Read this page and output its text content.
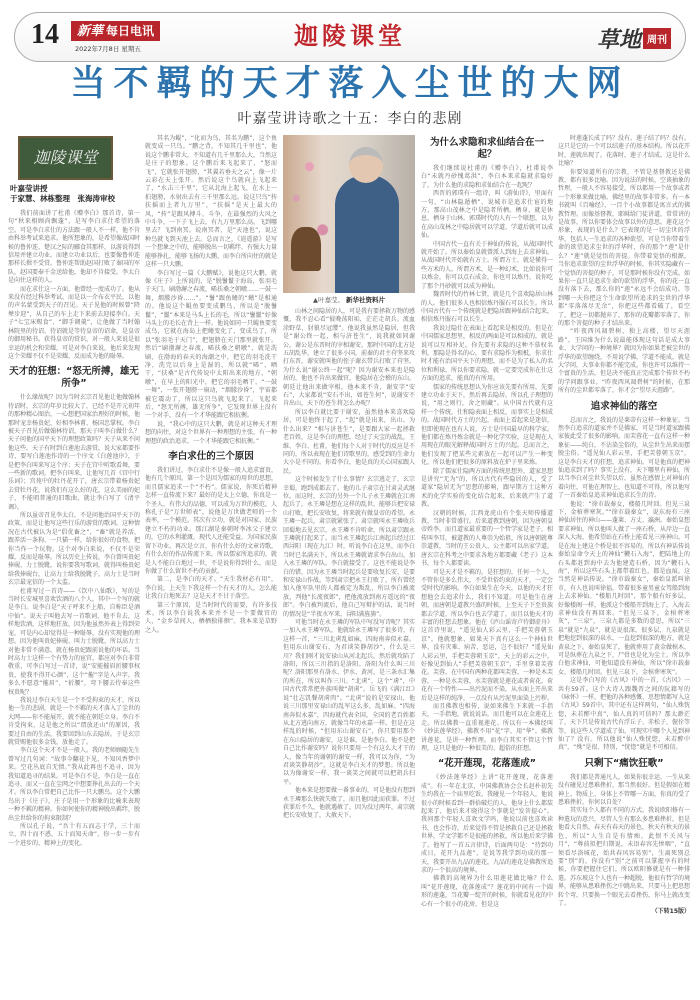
14	新華 每日电讯
2022年7月8日 星期五	迦陵课堂	草地 周刊
当不羁的天才落入尘世的大网
叶嘉莹讲诗歌之十五：李白的悲剧
迦陵课堂
叶嘉莹讲授
于家慧、林栋整理　张海涛审校
▲叶嘉莹。 新华社资料片

我们前面讲了杜甫《赠李白》那首诗，第一句“秋来相顾尚飘蓬”，是写李白求仕希望的落空。可是李白求仕的方法跟一般人不一样，他不肯由科举考试来追求。他所想象的，是希望像战国时候的鲁仲连、楚汉之际的郦食其那样，以游说得到信用并建立功业。而建立功业以后，也要像鲁仲连那样长揖不受赏。鲁仲连帮助赵国打败了秦国的军队，赵国要奉千金送给他，他却不肯接受。李太白是向往这样的人。

而在求仕这一方面，他曾经一度成功了。他从来没有经过科举考试，而是以一介布衣平民，以他的声名蒙受到天子的召见。天子见他的时候曾“降辇步迎”，从自己的车上走下来前去迎接李白。天子“七宝床赐食”、“御手调羹”，让他做了当时翰林院里的待诏。待诏就是等待皇帝的诏命，是皇帝的御用秘书。获得皇帝的赏识，对一般人来说是很幸运的机会和荣耀，可是对李白来说，他后来发现这个荣耀不仅不是荣耀，反而成为他的耻辱。

天才的狂想：“怒无所搏，雄无所争”

什么缘故呢？因为当时玄宗召见他让他做翰林待诏时，玄宗的年岁比较大了，已经不是开元初年的那种精心图治，一心想把国家治理好的时候，他那时宠幸杨贵妃，好相李林甫、杨国忠掌权。李白被天子召见后做翰林待诏，那天子叫李白做什么？天子问他的国平天下的理想政策吗？天子从来不问他这些。天子有时到白莲池去游赏，说大家都要作诗，要写白莲池作诗的一个序文《白莲池序》，于是把李白叫来写这个序；天子在宫中听歌看舞，要一些新的歌词，把李白叫来，让他写几首《宫中行乐词》；宫苑中的牡丹花开了，唐玄宗带着杨贵妃去赏牡丹花，说我们有这么好的花，这么美丽的妃子，不能唱普通的旧歌曲，就让李白写了《清平调》。

所以虽帝召见李太白，不是问他治国平天下的政策，而是让他写这些行乐的游赏的歌词。这种情况在古代被认为是“倡优畜之”，“畜”就是养活，跟养活一条狗、一只猫一样，给你很好的食物，把你当作一个玩物。这个对李白来说，不仅不是荣耀，反而是耻辱。所以历史上传说，李白曾叫贵妃捧砚、力士脱靴。说你要我写歌词，就得叫杨贵妃给我捧砚台，让高力士给我脱靴子。高力士是当时玄宗最宠信的一个太监。

杜甫写过一首诗——《饮中八仙歌》，写的是当时长安城里喜欢饮酒的八个人，其中一个写的就是李白。说李白是“天子呼来不上船，自称臣是酒中仙”。说天子叫他去写一首歌词，他不肯去，这样地饮酒，这样地狂放，因为他虽然外表上得到荣宠，可是内心却觉得是一种耻辱，没有实现他的理想。因为他叫贵妃捧砚、叫力士脱靴，所以高力士对他非常不满意，就在杨贵妃跟前说他的坏话。当时高力士这样一个有势力的宦官，都应对李白非常敬重，可李白写过一首诗，说“安能摧眉折腰事权贵，使我不得开心颜”，这个“摧”字是入声字。我多么不愿意“摧眉”、“折腰”，弯下腰去侍奉这些权贵呢？

我说过李白天生是一个不受拘束的天才，所以他一生的悲剧，就是一个不羁的天才落入了尘世的大网——你不能展开，就不能在朝廷立身。李白不肯受拘束，这是他之所以“谓放还山”的原因，我要过自由的生活，我要回到山东去隐居。于是玄宗就赏赐他很多金钱，放他走了。

李白这个天才不是一般人。我的老师顾随先生曾写过几句词：“故事今翻花下见，不知风香梦中来。空花丛底自无情。”我从此再也不追寻，因为我知道追寻的结果。可是李白不是，李白是一直在追寻，而又一直在尘网之中想要挣扎出去的一个天才。所以李白常把自己比作一只大鹏鸟。这个大鹏鸟出于《庄子》，庄子是用一个形象的比喻来表现一种不羁的精神。你如何使你的精神脱出羁绊，脱出尘世给你的拘束限制？

所以孔子说，“吾十有五而志于学，三十而立，四十而不惑，五十而知天命”，你一步一步有一个进步的、精神上的变化。

其名为鲲”，“化而为鸟，其名为鹏”，这个鱼就变成一只鸟。“鹏之背，不知其几千里也”，他说这个鹏非常大，不知道有几千里那么大，当然这是庄子的想象。这个鹏后来飞起来了，“怒而飞”，它就张开翅膀，“其翼若垂天之云”，像一片云彩在天上张开。然后说这个鸟就向上飞起来了，“水击三千里”，它从北海上起飞，在水上一拍翅膀，水射出去有三千里那么远。说这只鸟“抟扶摇而上者九万里”，“扶摇”是天上最大的风，“抟”是跟风搏斗，斗争，在最强烈的大风之中斗争，一下子飞上去，有九万里那么高。飞到哪里去？飞到南冥。说南冥者，是“天池也”，说这种鸟就飞到天池上去。总而言之，《逍遥游》是写一个想象之中的，能够脱出一切羁绊，有强大力量能够挣扎，能够飞扬的大鹏，而李白所向往的就是这样一只大鹏。

李白写过一篇《大鹏赋》，说他这只大鹏，就像《庄子》上所说的，是“脱鬐鬣于海岛，张羽毛于天门。刷渤澥之春流，晞扶桑之朝暾……一鼓一舞，烟朦沙昏……”。“鬐”跟鱼鳍的“鳍”是相通的。他说这个鲲鱼要变成鹏鸟，所以是“脱鬐鬣”，“鬣”本来是马头上长的毛，所以“鬐鬣”好像马头上的毛长在背上一样。他说如同一只鲲鱼要变成鸟，它就在海岛上把鳍变化了，变成鸟了，所以“张羽毛于天门”，把翅膀在天门那里就张开。然后“刷渤澥之春流，晞扶桑之朝暾”，就是洗刷，在渤海的春天的海潮之中，把它的羽毛洗干净，洗完以后身上是湿的，所以就“晞”，晒干，“扶桑”是古代传说中太阳出来的地方，“朝暾”，在早上的阳光中，把它的羽毛晒干。“一鼓一舞”，一张开翅膀一扇动，“烟朦沙昏”，宇宙都被它震动了，所以这只鸟就飞起来了。飞起来后，“怒无所搏，雄无所争”，它发现世界上没有一个对手，没有一个才华能跟它相抗衡。

说，“我心中的这只大鹏，就是对这种天才理想的向往，对这个世界有一种理想的主张，有一种理想的政治追求，一个才华能跟它相抗衡。”

李白求仕的三个原因

我们讲过，李白求仕不是像一般人追求富贵，他有几个原因。第一个是因为儒家的用世的思想，而且儒家追求一个“不朽”。儒家说，你死后精神怎样一直传流下来？最好的是太上立德，你真是一个圣人，有伟大的品德，可以成为万世的模范，人称孔子是“万世师表”，说他是万世做老师的一个表率，一个模范。其次有立功，就是对国家、民族建立不朽的功业。那江湖是秦朝时李冰父子建立的，它的水利灌溉，现代人还能受益，为国家民族留下功业。再次是立言，你有什么好的文章诗歌，有什么好的作品传流下来。所以儒家所追求的，就是人不能白白地过一世，不是说你得到什么，而是你做了什么留世不朽的贡献。

第二，是李白的天才。“天生我材必有用”，李白说，上天生下我这样一个有天才的人，怎么能让我白白地死去？这是天才不甘于落空。

第三个原因，是当时时代的需要，有许多技术。所以李白说我本来并不是一个要做官的人，“金乡草间人，栖栖独徘徊”。我本来是草野之人。

山林之间隐居的人，可是我有要拯救万物的感慨，我不忍心看“彼晚荡阳垢，茫茫走胡兵。流血涂野草，豺狼尽冠缨”。他说我虽然是隐居，但我是“谢公终一起，相与济苍生”，说我就如同谢公，谢公是东晋时的宰相谢安。那时中国的北方是五胡乱华，建立了很多小国，前秦的君主苻坚来攻打东晋，谢安就叫他的侄子谢玄带兵打败了苻坚。为什么说“谢公终一起”呢？因为谢安本来也是隐居的，他也不肯出来做官，他隐居在会稽的东山，朝廷让他出来做宰相，他本来不肯，谢安字“安石”，大家都说“安石不出，如苍生何”，说谢安不肯出山，天下的苍生将怎么办呢？

所以李白就比要于谢安，虽然他本来喜欢隐居，可是他终于起了，“起”就是出来，出山。为什么出来？“相与济苍生”，是要跟大家一起拯救老百姓，这是李白的理想。经过了天宝的战乱，王维、李白、杜甫，他们每个人对于时代的反应是不同的，所以表现在他们诗歌里的，感受到的生命力大小是不同的。你看李白，他是真的关心国家跟人民。

这个时候发生了什么事情？玄宗逃走了，玄宗幸蜀，跑到成都去了。他的儿子肃宗在甘肃灵武继位。而这时，玄宗的另外一个儿子永王璘就在江南起兵了，永王璘是想在这样的乱世，能够兵把安禄山打败，把长安收复，将来就有做皇帝的希望。永王璘一起兵，肃宗就紧张了。肃宗就叫永王璘收兵回蜀地去见玄宗，永王璘不肯听命，所以肃宗跟永王璘就打起来了。而当永王璘起兵江南起兵经过江西浔阳（现在九江）时，听说李白在这里，而李白当时已名满天下。所以永王璘就请求李白出山，加入永王璘的军队。李白就接受了。这也不能说是李白的错，因为永王璘当时起兵是要收复长安，是要和安禄山作战。等到肃宗把永王打败了，所有曾经加入他军队里的人都被定为叛乱，所以李白被流放，判他“长流夜郎”，把他流放到南方遥远的“夜郎”。李白被判流后，他自己写辩护的话，说当时的情况是“半夜水军来，浔阳满旌旃”。

可他当时在永王璘的军队中写没写诗呢？其实一加入永王璘军队，他就给永王璘写了很多诗，有这样一首，“三川北虏乱如麻，四海南奔似永嘉。但用东山谢安石，为君谈笑静胡沙”，什么是三川？我们刚才说安禄山从河北起兵，然后就攻陷了洛阳，所以三川指的是洛阳。洛阳为什么叫三川呢？洛阳那里有洛水、伊水、黄河，是三条水汇集的所在，所以叫作三川。“北虏”，这个“虏”，中国古代常常把外族叫做“胡虏”。岳飞的《满江红》说“壮志饥餐胡虏肉”。“北虏”说的是安禄山，他说三川那里安禄山的乱军这么多，乱如麻。“四海南奔似永嘉”，四海就代表全国，全国的老百姓都从北方逃向南方，就像当年的永嘉一样。但是在这样乱的时候，“但用东山谢安石”，你只要用那个在东山隐居的谢安，这是谁，是他李白。他不是把自己比作谢安吗？说你只要用一个有这么大才干的人，像当年的谢朝的谢安一样，我可以为你，“为君谈笑静胡沙”，这就是李白天才的梦想。所以他以为像谢安一样，我一谈笑之间就可以把胡兵扫平。

他本来是想要做一番事业的，可是他没有想到永王璘那么快就失败了，而且他因此而获罪。不过获罪后不久，他就遇赦了，因为没过两年，肃宗就把长安收复了，大赦天下。

为什么求隐和求仙结合在一起？

我们继续说杜甫的《赠李白》，杜甫说李白“未就丹砂愧葛洪”，李白本来求隐就求隐好了，为什么他的求隐和求仙结合在一起呢？

西晋的郭璞有一组诗，叫《游仙诗》，里面有一句，“山林隐遁栖”，说城市是追求仕宦的地方，那高山茂林之中是隐者所栖。栖身，就是休息，栖身于山林。郭璞时代的人有一个联想，以为在高山茂林之中隐居就可以学道，学道后就可以成仙。

中国古代一直有关于神仙的传说，从战国时代就开始了。所以秦始皇就曾派人到海上去求神仙。从战国时代开始就有方士。所谓方士，就是懂得一些方术的人。所谓方术，是一种幻术，比如说你可以炼金，你可以点石成金，你也可以炼丹，说你吃了那个丹砂就可以成为神仙。

魏晋时代的竹林七贤，就是几个喜欢隐居山林的人。他们很多人也相信炼丹服石可以长生。所以中国古代有一个传统就是把隐居跟神仙结合起来，相信炼丹服石可以长生。

我说过隐仕在表面上看起来是相反的，但是在中国儒家思想里，相反的两面是可以相成的，就是说可以互相补足。你先要有求隐的这种不慕权名利，那隐是得名的心，要有求隐作为根柢，你求仕时才能有治国平天下的理想，而不是为了私人的名位和利禄。所以你要求隐，就一定要完成你在仕这方面的追求，能真的有所用。

儒家的传统思想认为你应该先要有所用，先要建立功业于天下，然后再去隐居。所以孔子理想的说，“用之则行，舍之则藏”。从中国古代就有这样一个传统，仕和隐表面上相反，而事实上是相成的。战国时代方士的兴起，表面上看起来是迷信，但即使现在也有人说，方士是中国最早的科学家。他们都在炼丹炼金就是一种化学实验，这是现在人用现在的眼光解释战国时方士的兴起。总而言之，他们发现了把某些元素放在一起可以产生一种变化，所以他们把很多的原料放在炉子里来炼。

除了儒家仕隐两方面的传统思想外，道家思想是讲究“无为”的，所以古代有些隐居的人，受了道家“隐居无为”思想的影响，跟早期方士这种方术的化学实验的变化结合起来，后来就产生了道教。

汉朝的时候，江西龙虎山有个张天师传播道教，当时非常盛行。后来道教到唐朝，因为唐朝皇帝姓李，而且道家最重要的一个哲学家是老子，相传叫李耳，被道教的人尊崇为始祖，所以唐朝就尊崇道教，当时的王公贵人、公主都可以出家学道。唐玄宗在科考之中要求各地方都要藏《老子》这本书，每个人都要读。

可是天才是不羁的，是狂想的，任何一个人，不管你是多么伟大，不受世俗约束的天才，一定会受时代的影响。李白如果生在今天，以他的天才狂想他会去追求什么，我们不知道。可是他生在唐朝，而唐朝是道教兴盛的时候，上至天子下至贵族都去学道，所以李白也去学道了，而且以他天才的丰富的狂想去想象。他在《庐山谣寄卢侍御虚舟》这首诗里说，“遥见仙人彩云里，手把芙蓉朝玉京”，他就想象，如果天下真有这么一个神仙世界，没有灾难、病苦、恶运，岂不很好？“遥见仙人彩云里，手把芙蓉朝玉京”，天上的彩云之中，好像见到仙人“手把芙蓉朝玉京”，手里拿着芙蓉花。芙蓉，在中国有两种花都叫芙蓉，一种是木芙蓉，一种是水芙蓉，水芙蓉就是莲花或者荷花。荷花有一个特性——出污泥而不染，从水面上开出来后是这样的纯净，一点没有从污泥里面染上污秽。

而且佛教也相传，说如来佛生下来就一手指天，一手指地，就说说话，而且他可以在金莲花上走。所以佛教一直重视莲花。所以有一本佛经叫《妙法莲华经》，佛教不用“花”字，用“华”。佛教讲莲花，是讲一种哲理。而李白其实不管这个哲理，这只是他的一种很美的、超俗的狂想。

“花开莲现，花落莲成”

《妙法莲华经》上讲“花开莲现，花落莲成”。有一年在北京，中国佛教协会会长赵朴初先生约我在一个庙里吃饭。我碰见一个年轻人，他说很小的时候看到一群拾破烂的人，他身上什么都装起来了，他后来才晓得这个事就是“发菩提心”。我问那个年轻人喜欢文学吗，他说以前也喜欢读书，也会作诗，后来觉得不管是拯救自己还是拯救世界，学文学都不是很能的拯救，所以他后来学佛了。他写了一首五言律诗，后面两句是：“待到功成日，花开九品莲”，是说等我学到功成的那一天，我要开出九品的莲花，九品的莲花是佛教所追求的一个很高的境界。

佛教的高境界为什么用莲花做比喻？什么叫“花开莲现，花落莲成”？莲花的中间有一个圆形的莲蓬，当花瓣一绽开的时候，你就看见花的中心有一个很小的花房，但是这

时莲蓬长成了吗？没有。莲子结了吗？没有。这只是它的一个可以结莲子的基本结构。所以花开时，莲就出现了。花落时，莲子才结成。这是什么比喻？

你要知道所有的宗教，不管是基督教还是佛教，都有很多比喻。因为说法的时候，空谈抽象的哲理，一般人不容易接受，所以都用一个故事或者一个形象来做比喻。佛经里的故事非常多。有一本书就叫《百喻经》，一百个小故事都是寓言式的佛教哲理。而像基督教，耶稣给门徒讲道，常常讲的是故事，所以你要体会故事以外的意思。莲花这个形象，表现的是什么？它表现的是一切尘世的浮华，包括人一生追求的各种欲望。可是当你带着生命的欲望追求尘世的浮华时，你的那个“莲”是什么？“莲”就是觉悟的菩提。你带着觉悟的根源，当你追求欲望的尘世浮华的时候，你其实隐藏有一个觉悟的菩提的种子，可是那时候你没有完成。如果你一直只是追求生命的欲望的浮华，你的花一直没有落下去，那么你的“莲”永远不会结成功。等到哪一天你把这个生命欲望所追求的尘世的浮华都“零落落尽无余”，你把这些都看破了，看空了，把这一切都抛弃了，那你的花瓣都零落了，你的那个菩提的种子才结出来。

“昨夜西风凋碧树，独上高楼，望尽天涯路”，王国维为什么说最能体现这句话是成大事业、大学问的一种境界？就因为你如果老被尘世的浮华的欲望缠绕，不用说学佛，学道不能成，就是大学问，大事业你都不能完成。你也许可以维持一个富贵的生活，但是决不能真正完成那个传世不朽的学问跟事业。“昨夜西风凋碧树”的时候，在那所有的尘世都零落了，你才会“望尽天涯路”。

追求神仙的落空

总而言之，我说的是莱蒂有这样一种象征。当然李白追求的道家并不是佛家，可是当时道家跟佛家彼此受了很多的影响，而芙蓉花一直有这样一种象征——纯白，不沾染尘俗的，从尘世生出来而摆脱尘俗。“遥见仙人彩云里，手把芙蓉朝玉京”，这是李白天才的狂想，追求神仙。可是他真的把神仙追求到了吗？事实上没有，天下哪里有神仙，所以当李白对尘世失望以后，虽然在感情上对神仙有着向往，可他在理智上，也知道不可得，所以他写了一首秦始皇追求神仙追求长生的诗。

他说：“徐市载秦女，楼船几时回。但见三泉下，金棺葬寒灰。”“徐市载秦女”，说东海有三座神仙居住的神山——蓬莱、方丈、瀛洲。秦始皇想要求神仙，所以他叫人做了一座石桥，从岸边一直深入大海，他希望站在石桥上能看见三座神山。可是在海上建这个桥是很不容易的，所以有神话传说秦始皇命令天上的神仙“鞭石入海”，把陆地上的石头都赶到海中去为他建造石桥，因为“鞭石入海”，所以这些石头上都带着红色，都是血痕。这当然是神话传说。“徐市载秦女”，秦始皇派叫徐市，有人也说叫徐福，带着很多童男童女驾船到海上去求神仙。“楼船几时回”，那个船有好多层，好像楼阁一样，他派这个楼船开到海上了，入海去求神仙没有再回来。“但见三泉下，金棺葬寒灰”，“三泉”，三泉九都是多数的意思，所以“三泉”就是“九泉”，就是说很深，很多层，九泉就是把地挖到很深的泉水，一直挖到很深的地方，就是黄泉之下。秦始皇死了，他就葬用了黄金做棺木，可是纵葬在九泉之下，尸骨也是化为尘土。所以李白他求神仙，可他知道没有神仙，所以“徐市载秦女，楼船几时回。但见三泉下，金棺葬寒灰”。

这是李白写的《古风》中的一首，《古风》一共有59首。这个大诗人跟魏晋之间的阮籍写的《咏怀》一样，把他的各种感慨、思想情都写入这《古风》59首中。其中还有这样两句，“仙人殊恍惚，未若醉中真”，仙人真的可信吗？那太渺茫了，天下只是传说古代有浮丘子、赤松子、偓佺等等，说这些人学道成了仙，可现实中哪个人见到神仙了？没有。所以他说“仙人殊恍惚，未若醉中真”，“殊”是很、特别，“恍惚”就是不可相信。

只剩下“痛饮狂歌”

我们都是普通凡人，如果你很幸运，一生从来没有碰见过患难挫折，那当然很好。但是假如在精神上、物质上、身体上不管哪一方面，你真的受了患难挫折，你何以自处？

其实每个人都有不同的方式。我说欧阳修有一种遣玩的意兴，尽管人生有那么多患难挫折，但是他看大自然，春天有春天的景色，秋天有秋天的景色，所以“人生自是有情痴，此恨不关风与月”，“尊前拟把归期说，未语春容先惨咽”，“直须看尽洛城花，始共春风容易别”，生离死别总要“别”的，你没有“别”之前可以掌握享有的时候，你要把握住它们。所以欧阳修就是有一种排遣。苏东坡这个人也有一种超脱，他很有哲学的境界，能够从患难挫伤之中跳出来，只要马上把思想转个弯，只要换一个眼光去看挫伤，你马上就改变了。

（下转15版）
